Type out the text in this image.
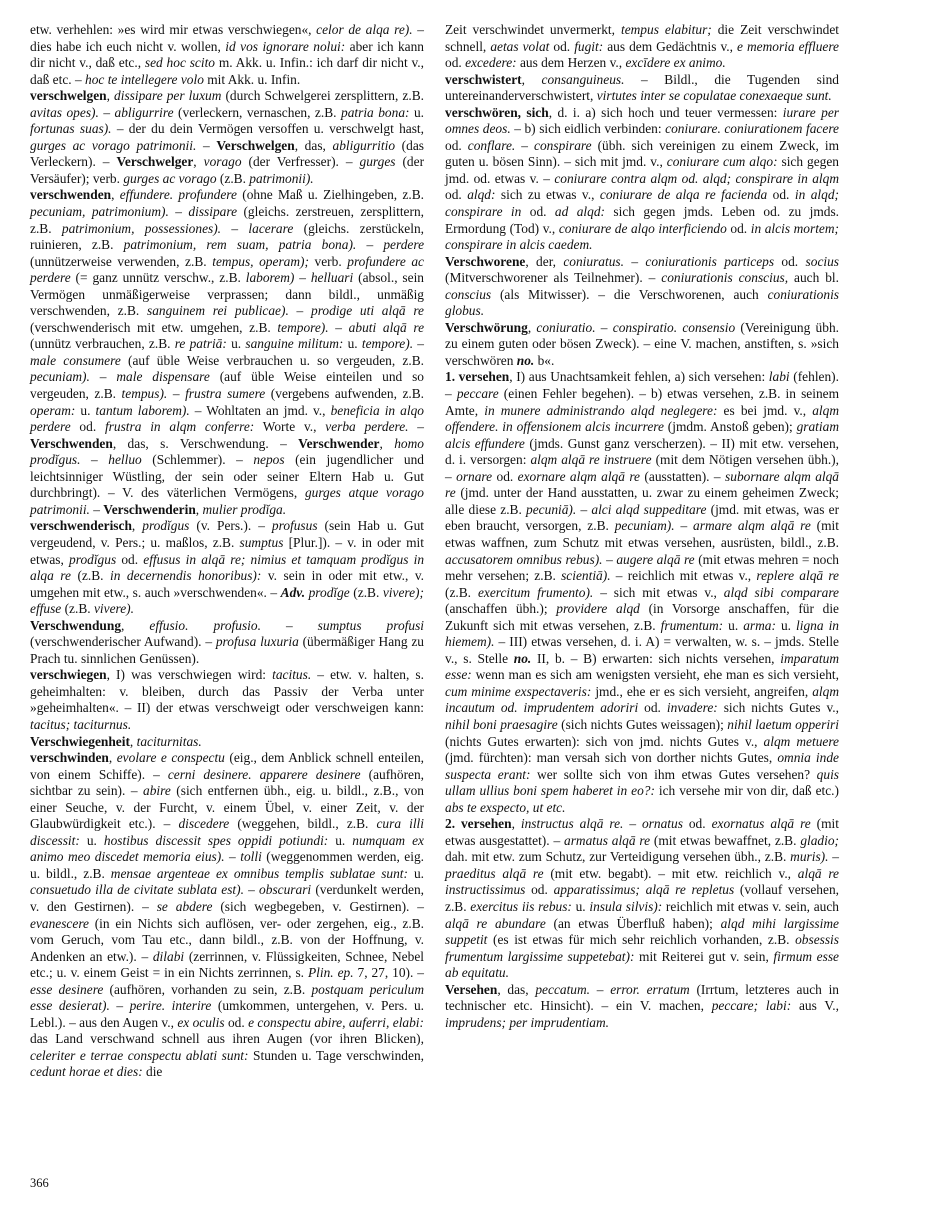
etw. verhehlen: »es wird mir etwas verschwiegen«, celor de alqa re). – dies habe ich euch nicht v. wollen, id vos ignorare nolui: aber ich kann dir nicht v., daß etc., sed hoc scito m. Akk. u. Infin.: ich darf dir nicht v., daß etc. – hoc te intellegere volo mit Akk. u. Infin.

verschwelgen, dissipare per luxum (durch Schwelgerei zersplittern, z.B. avitas opes). – abligurrire (verleckern, vernaschen, z.B. patria bona: u. fortunas suas). – der du dein Vermögen versoffen u. verschwelgt hast, gurges ac vorago patrimonii. – Verschwelgen, das, abligurritio (das Verleckern). – Verschwelger, vorago (der Verfresser). – gurges (der Versäufer); verb. gurges ac vorago (z.B. patrimonii).

verschwenden, effundere. profundere (ohne Maß u. Zielhingeben, z.B. pecuniam, patrimonium). – dissipare (gleichs. zerstreuen, zersplittern, z.B. patrimonium, possessiones). – lacerare (gleichs. zerstückeln, ruinieren, z.B. patrimonium, rem suam, patria bona). – perdere (unnützerweise verwenden, z.B. tempus, operam); verb. profundere ac perdere (= ganz unnütz verschw., z.B. laborem) – helluari (absol., sein Vermögen unmäßigerweise verprassen; dann bildl., unmäßig verschwenden, z.B. sanguinem rei publicae). – prodige uti alqā re (verschwenderisch mit etw. umgehen, z.B. tempore). – abuti alqā re (unnütz verbrauchen, z.B. re patriā: u. sanguine militum: u. tempore). – male consumere (auf üble Weise verbrauchen u. so vergeuden, z.B. pecuniam). – male dispensare (auf üble Weise einteilen und so vergeuden, z.B. tempus). – frustra sumere (vergebens aufwenden, z.B. operam: u. tantum laborem). – Wohltaten an jmd. v., beneficia in alqo perdere od. frustra in alqm conferre: Worte v., verba perdere. – Verschwenden, das, s. Verschwendung. – Verschwender, homo prodĭgus. – helluo (Schlemmer). – nepos (ein jugendlicher und leichtsinniger Wüstling, der sein oder seiner Eltern Hab u. Gut durchbringt). – V. des väterlichen Vermögens, gurges atque vorago patrimonii. – Verschwenderin, mulier prodĭga.

verschwenderisch, prodĭgus (v. Pers.). – profusus (sein Hab u. Gut vergeudend, v. Pers.; u. maßlos, z.B. sumptus [Plur.]). – v. in oder mit etwas, prodĭgus od. effusus in alqā re; nimius et tamquam prodĭgus in alqa re (z.B. in decernendis honoribus): v. sein in oder mit etw., v. umgehen mit etw., s. auch »verschwenden«. – Adv. prodĭge (z.B. vivere); effuse (z.B. vivere).

Verschwendung, effusio. profusio. – sumptus profusi (verschwenderischer Aufwand). – profusa luxuria (übermäßiger Hang zu Prach tu. sinnlichen Genüssen).

verschwiegen, I) was verschwiegen wird: tacitus. – etw. v. halten, s. geheimhalten: v. bleiben, durch das Passiv der Verba unter »geheimhalten«. – II) der etwas verschweigt oder verschweigen kann: tacitus; taciturnus.

Verschwiegenheit, taciturnitas.

verschwinden, evolare e conspectu (eig., dem Anblick schnell enteilen, von einem Schiffe). – cerni desinere. apparere desinere (aufhören, sichtbar zu sein). – abire (sich entfernen übh., eig. u. bildl., z.B., von einer Seuche, v. der Furcht, v. einem Übel, v. einer Zeit, v. der Glaubwürdigkeit etc.). – discedere (weggehen, bildl., z.B. cura illi discessit: u. hostibus discessit spes oppidi potiundi: u. numquam ex animo meo discedet memoria eius). – tolli (weggenommen werden, eig. u. bildl., z.B. mensae argenteae ex omnibus templis sublatae sunt: u. consuetudo illa de civitate sublata est). – obscurari (verdunkelt werden, v. den Gestirnen). – se abdere (sich wegbegeben, v. Gestirnen). – evanescere (in ein Nichts sich auflösen, ver- oder zergehen, eig., z.B. vom Geruch, vom Tau etc., dann bildl., z.B. von der Hoffnung, v. Andenken an etw.). – dilabi (zerrinnen, v. Flüssigkeiten, Schnee, Nebel etc.; u. v. einem Geist = in ein Nichts zerrinnen, s. Plin. ep. 7, 27, 10). – esse desinere (aufhören, vorhanden zu sein, z.B. postquam periculum esse desierat). – perire. interire (umkommen, untergehen, v. Pers. u. Lebl.). – aus den Augen v., ex oculis od. e conspectu abire, auferri, elabi: das Land verschwand schnell aus ihren Augen (vor ihren Blicken), celeriter e terrae conspectu ablati sunt: Stunden u. Tage verschwinden, cedunt horae et dies: die

Zeit verschwindet unvermerkt, tempus elabitur; die Zeit verschwindet schnell, aetas volat od. fugit: aus dem Gedächtnis v., e memoria effluere od. excedere: aus dem Herzen v., excīdere ex animo.

verschwistert, consanguineus. – Bildl., die Tugenden sind untereinanderverschwistert, virtutes inter se copulatae conexaeque sunt.

verschwören, sich, d. i. a) sich hoch und teuer vermessen: iurare per omnes deos. – b) sich eidlich verbinden: coniurare. coniurationem facere od. conflare. – conspirare (übh. sich vereinigen zu einem Zweck, im guten u. bösen Sinn). – sich mit jmd. v., coniurare cum alqo: sich gegen jmd. od. etwas v. – coniurare contra alqm od. alqd; conspirare in alqm od. alqd: sich zu etwas v., coniurare de alqa re facienda od. in alqd; conspirare in od. ad alqd: sich gegen jmds. Leben od. zu jmds. Ermordung (Tod) v., coniurare de alqo interficiendo od. in alcis mortem; conspirare in alcis caedem.

Verschworene, der, coniuratus. – coniurationis particeps od. socius (Mitverschworener als Teilnehmer). – coniurationis conscius, auch bl. conscius (als Mitwisser). – die Verschworenen, auch coniurationis globus.

Verschwörung, coniuratio. – conspiratio. consensio (Vereinigung übh. zu einem guten oder bösen Zweck). – eine V. machen, anstiften, s. »sich verschwören no. b«.

1. versehen, I) aus Unachtsamkeit fehlen, a) sich versehen: labi (fehlen). – peccare (einen Fehler begehen). – b) etwas versehen, z.B. in seinem Amte, in munere administrando alqd neglegere: es bei jmd. v., alqm offendere. in offensionem alcis incurrere (jmdm. Anstoß geben); gratiam alcis effundere (jmds. Gunst ganz verscherzen). – II) mit etw. versehen, d. i. versorgen: alqm alqā re instruere (mit dem Nötigen versehen übh.), – ornare od. exornare alqm alqā re (ausstatten). – subornare alqm alqā re (jmd. unter der Hand ausstatten, u. zwar zu einem geheimen Zweck; alle diese z.B. pecuniā). – alci alqd suppeditare (jmd. mit etwas, was er eben braucht, versorgen, z.B. pecuniam). – armare alqm alqā re (mit etwas waffnen, zum Schutz mit etwas versehen, ausrüsten, bildl., z.B. accusatorem omnibus rebus). – augere alqā re (mit etwas mehren = noch mehr versehen; z.B. scientiā). – reichlich mit etwas v., replere alqā re (z.B. exercitum frumento). – sich mit etwas v., alqd sibi comparare (anschaffen übh.); providere alqd (in Vorsorge anschaffen, für die Zukunft sich mit etwas versehen, z.B. frumentum: u. arma: u. ligna in hiemem). – III) etwas versehen, d. i. A) = verwalten, w. s. – jmds. Stelle v., s. Stelle no. II, b. – B) erwarten: sich nichts versehen, imparatum esse: wenn man es sich am wenigsten versieht, ehe man es sich versieht, cum minime exspectaveris: jmd., ehe er es sich versieht, angreifen, alqm incautum od. imprudentem adoriri od. invadere: sich nichts Gutes v., nihil boni praesagire (sich nichts Gutes weissagen); nihil laetum opperiri (nichts Gutes erwarten): sich von jmd. nichts Gutes v., alqm metuere (jmd. fürchten): man versah sich von dorther nichts Gutes, omnia inde suspecta erant: wer sollte sich von ihm etwas Gutes versehen? quis ullam ullius boni spem haberet in eo?: ich versehe mir von dir, daß etc.) abs te exspecto, ut etc.

2. versehen, instructus alqā re. – ornatus od. exornatus alqā re (mit etwas ausgestattet). – armatus alqā re (mit etwas bewaffnet, z.B. gladio; dah. mit etw. zum Schutz, zur Verteidigung versehen übh., z.B. muris). – praeditus alqā re (mit etw. begabt). – mit etw. reichlich v., alqā re instructissimus od. apparatissimus; alqā re repletus (vollauf versehen, z.B. exercitus iis rebus: u. insula silvis): reichlich mit etwas v. sein, auch alqā re abundare (an etwas Überfluß haben); alqd mihi largissime suppetit (es ist etwas für mich sehr reichlich vorhanden, z.B. obsessis frumentum largissime suppetebat): mit Reiterei gut v. sein, firmum esse ab equitatu.

Versehen, das, peccatum. – error. erratum (Irrtum, letzteres auch in technischer etc. Hinsicht). – ein V. machen, peccare; labi: aus V., imprudens; per imprudentiam.

366
